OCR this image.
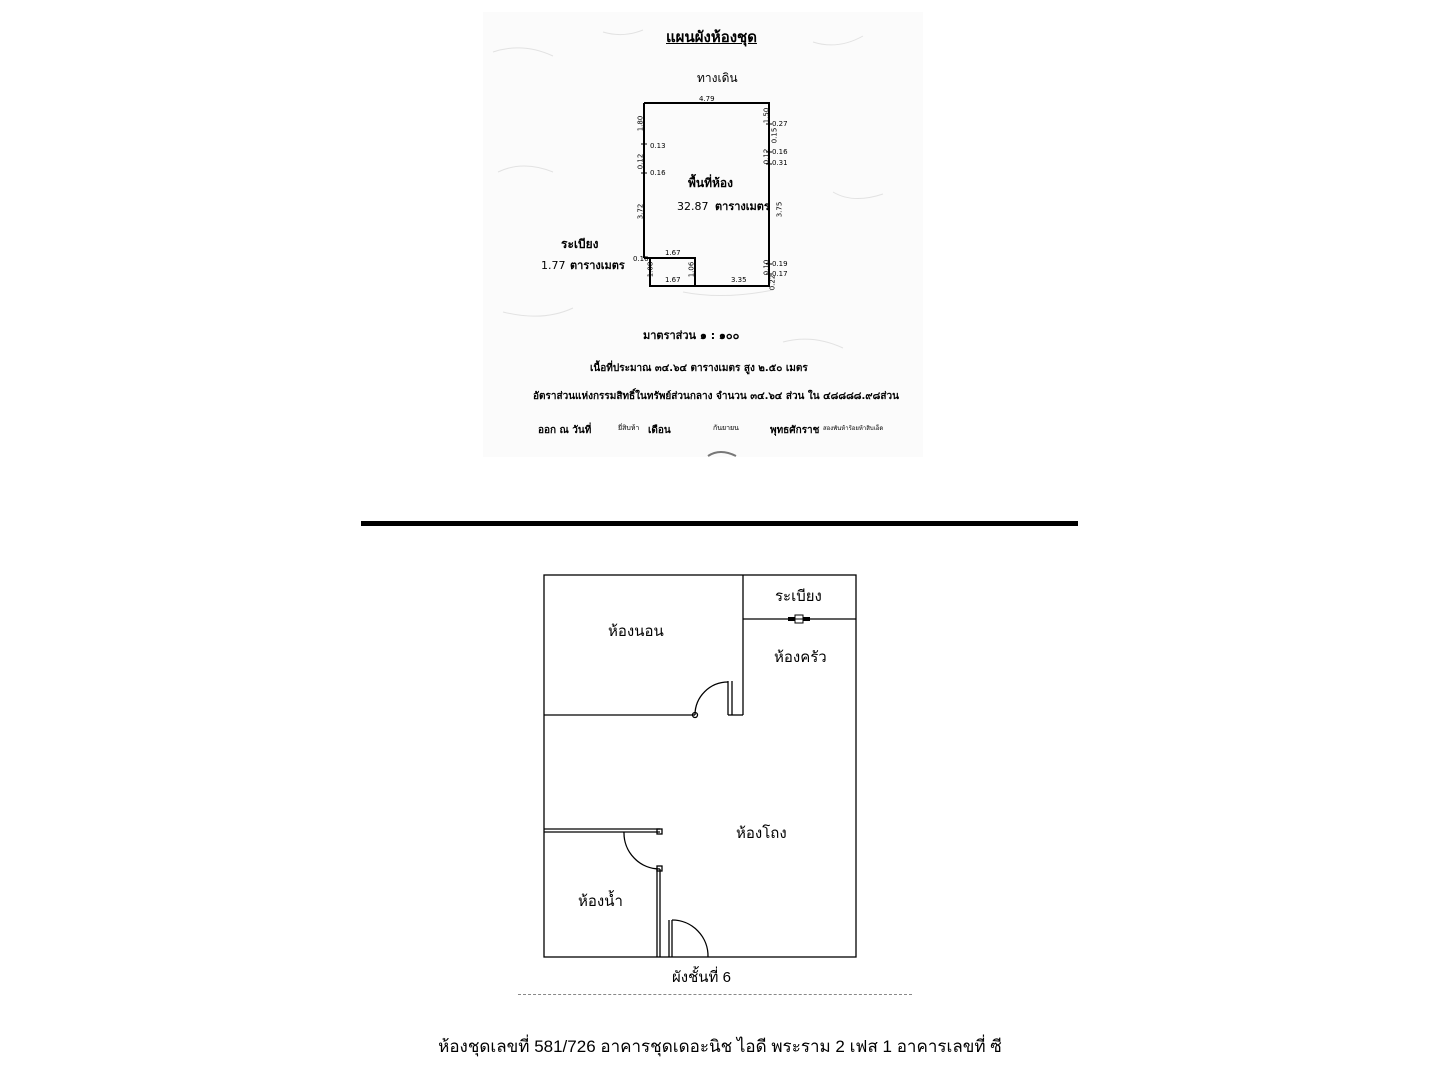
แผนผังห้องชุด
ทางเดิน
4.79
1.80
0.13
0.12
0.16
3.72
0.10
1.50
0.27
0.15
0.12 0.16
0.31
3.75
0.19
0.10 0.17
0.22
1.67
1.67
1.08	1.06
3.35
พื้นที่ห้อง
32.87 ตารางเมตร
ระเบียง
1.77 ตารางเมตร
มาตราส่วน ๑ : ๑๐๐
เนื้อที่ประมาณ ๓๔.๖๔ ตารางเมตร สูง ๒.๕๐ เมตร
อัตราส่วนแห่งกรรมสิทธิ์ในทรัพย์ส่วนกลาง จำนวน ๓๔.๖๔ ส่วน ใน ๔๘๘๘๘.๙๘ส่วน
ออก ณ วันที่	ยี่สิบห้า เดือน	กันยายน	พุทธศักราช สองพันห้าร้อยห้าสิบเอ็ด
ห้องนอน
ระเบียง
ห้องครัว
ห้องโถง
ห้องน้ำ
ผังชั้นที่ 6
ห้องชุดเลขที่ 581/726 อาคารชุดเดอะนิช ไอดี พระราม 2 เฟส 1 อาคารเลขที่ ซี
